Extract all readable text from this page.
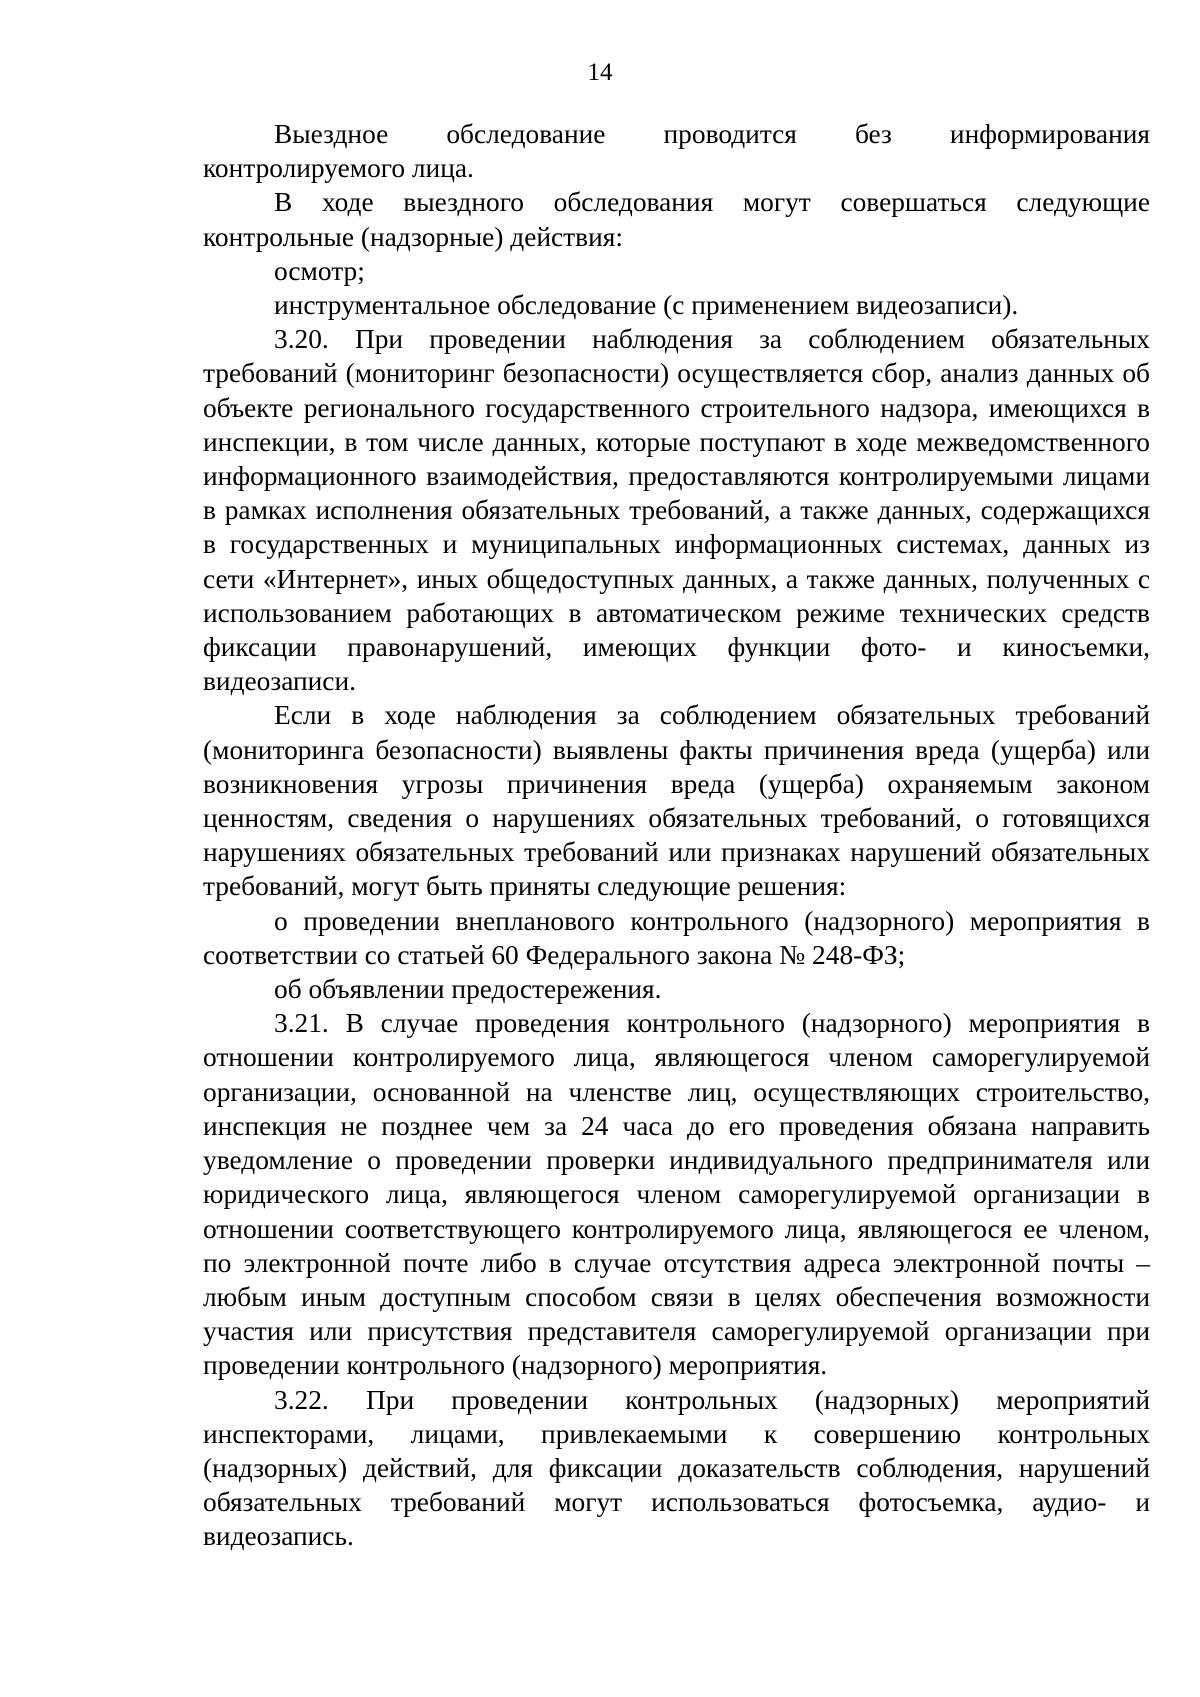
14

Выездное обследование проводится без информирования контролируемого лица.

В ходе выездного обследования могут совершаться следующие контрольные (надзорные) действия:

осмотр;

инструментальное обследование (с применением видеозаписи).

3.20. При проведении наблюдения за соблюдением обязательных требований (мониторинг безопасности) осуществляется сбор, анализ данных об объекте регионального государственного строительного надзора, имеющихся в инспекции, в том числе данных, которые поступают в ходе межведомственного информационного взаимодействия, предоставляются контролируемыми лицами в рамках исполнения обязательных требований, а также данных, содержащихся в государственных и муниципальных информационных системах, данных из сети «Интернет», иных общедоступных данных, а также данных, полученных с использованием работающих в автоматическом режиме технических средств фиксации правонарушений, имеющих функции фото- и киносъемки, видеозаписи.

Если в ходе наблюдения за соблюдением обязательных требований (мониторинга безопасности) выявлены факты причинения вреда (ущерба) или возникновения угрозы причинения вреда (ущерба) охраняемым законом ценностям, сведения о нарушениях обязательных требований, о готовящихся нарушениях обязательных требований или признаках нарушений обязательных требований, могут быть приняты следующие решения:

о проведении внепланового контрольного (надзорного) мероприятия в соответствии со статьей 60 Федерального закона № 248-ФЗ;

об объявлении предостережения.

3.21. В случае проведения контрольного (надзорного) мероприятия в отношении контролируемого лица, являющегося членом саморегулируемой организации, основанной на членстве лиц, осуществляющих строительство, инспекция не позднее чем за 24 часа до его проведения обязана направить уведомление о проведении проверки индивидуального предпринимателя или юридического лица, являющегося членом саморегулируемой организации в отношении соответствующего контролируемого лица, являющегося ее членом, по электронной почте либо в случае отсутствия адреса электронной почты – любым иным доступным способом связи в целях обеспечения возможности участия или присутствия представителя саморегулируемой организации при проведении контрольного (надзорного) мероприятия.

3.22. При проведении контрольных (надзорных) мероприятий инспекторами, лицами, привлекаемыми к совершению контрольных (надзорных) действий, для фиксации доказательств соблюдения, нарушений обязательных требований могут использоваться фотосъемка, аудио- и видеозапись.
